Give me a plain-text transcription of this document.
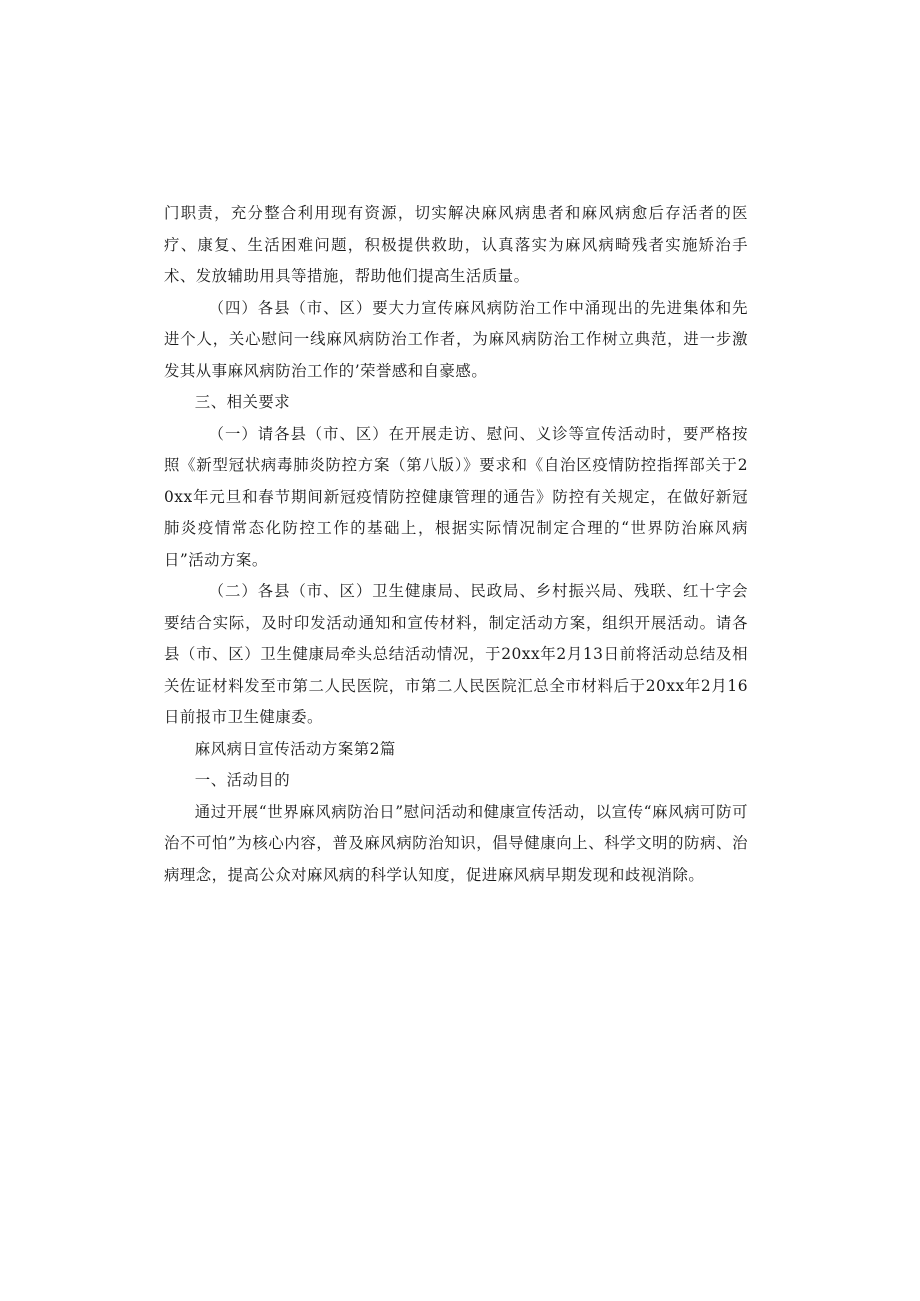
门职责，充分整合利用现有资源，切实解决麻风病患者和麻风病愈后存活者的医疗、康复、生活困难问题，积极提供救助，认真落实为麻风病畸残者实施矫治手术、发放辅助用具等措施，帮助他们提高生活质量。

（四）各县（市、区）要大力宣传麻风病防治工作中涌现出的先进集体和先进个人，关心慰问一线麻风病防治工作者，为麻风病防治工作树立典范，进一步激发其从事麻风病防治工作的’荣誉感和自豪感。

三、相关要求

（一）请各县（市、区）在开展走访、慰问、义诊等宣传活动时，要严格按照《新型冠状病毒肺炎防控方案（第八版）》要求和《自治区疫情防控指挥部关于20xx年元旦和春节期间新冠疫情防控健康管理的通告》防控有关规定，在做好新冠肺炎疫情常态化防控工作的基础上，根据实际情况制定合理的“世界防治麻风病日”活动方案。

（二）各县（市、区）卫生健康局、民政局、乡村振兴局、残联、红十字会要结合实际，及时印发活动通知和宣传材料，制定活动方案，组织开展活动。请各县（市、区）卫生健康局牵头总结活动情况，于20xx年2月13日前将活动总结及相关佐证材料发至市第二人民医院，市第二人民医院汇总全市材料后于20xx年2月16日前报市卫生健康委。

麻风病日宣传活动方案第2篇

一、活动目的

通过开展“世界麻风病防治日”慰问活动和健康宣传活动，以宣传“麻风病可防可治不可怕”为核心内容，普及麻风病防治知识，倡导健康向上、科学文明的防病、治病理念，提高公众对麻风病的科学认知度，促进麻风病早期发现和歧视消除。
